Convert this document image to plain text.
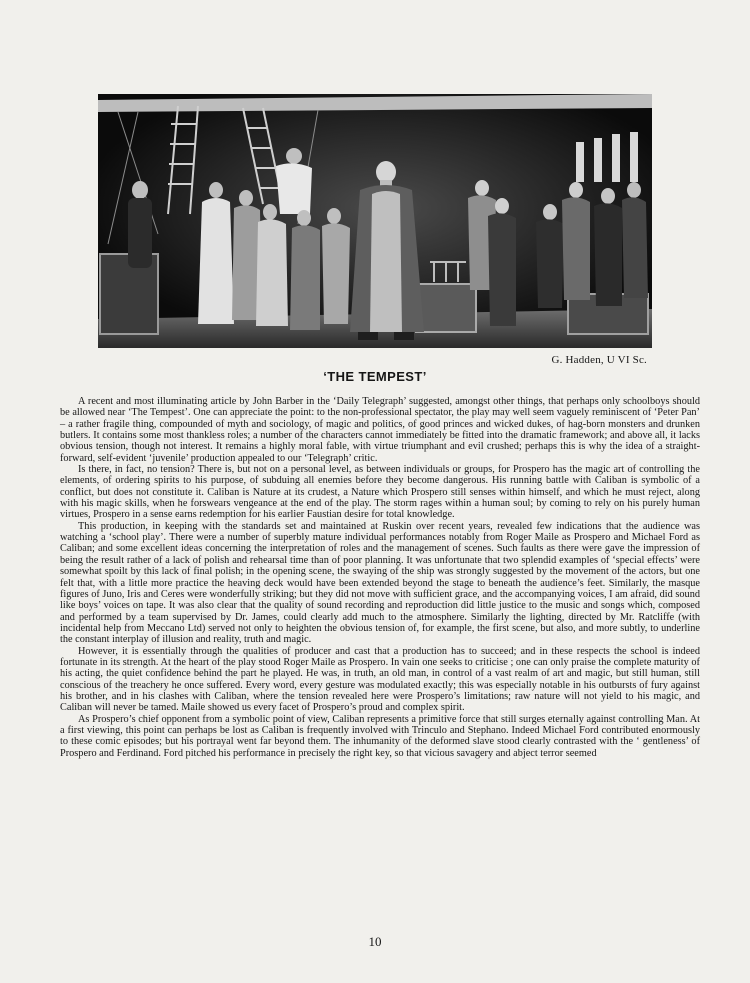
G. Hadden, U VI Sc.
‘THE TEMPEST’

A recent and most illuminating article by John Barber in the ‘Daily Telegraph’ suggested, amongst other things, that perhaps only schoolboys should be allowed near ‘The Tempest’. One can appreciate the point: to the non-professional spectator, the play may well seem vaguely reminiscent of ‘Peter Pan’ – a rather fragile thing, compounded of myth and sociology, of magic and politics, of good princes and wicked dukes, of hag-born monsters and drunken butlers. It contains some most thankless roles; a number of the characters cannot immediately be fitted into the dramatic framework; and above all, it lacks obvious tension, though not interest. It remains a highly moral fable, with virtue triumphant and evil crushed; perhaps this is why the idea of a straight-forward, self-evident ‘juvenile’ production appealed to our ‘Telegraph’ critic.

Is there, in fact, no tension? There is, but not on a personal level, as between individuals or groups, for Prospero has the magic art of controlling the elements, of ordering spirits to his purpose, of subduing all enemies before they become dangerous. His running battle with Caliban is symbolic of a conflict, but does not constitute it. Caliban is Nature at its crudest, a Nature which Prospero still senses within himself, and which he must reject, along with his magic skills, when he forswears vengeance at the end of the play. The storm rages within a human soul; by coming to rely on his purely human virtues, Prospero in a sense earns redemption for his earlier Faustian desire for total knowledge.

This production, in keeping with the standards set and maintained at Ruskin over recent years, revealed few indications that the audience was watching a ‘school play’. There were a number of superbly mature individual performances notably from Roger Maile as Prospero and Michael Ford as Caliban; and some excellent ideas concerning the interpretation of roles and the management of scenes. Such faults as there were gave the impression of being the result rather of a lack of polish and rehearsal time than of poor planning. It was unfortunate that two splendid examples of ‘special effects’ were somewhat spoilt by this lack of final polish; in the opening scene, the swaying of the ship was strongly suggested by the movement of the actors, but one felt that, with a little more practice the heaving deck would have been extended beyond the stage to beneath the audience’s feet. Similarly, the masque figures of Juno, Iris and Ceres were wonderfully striking; but they did not move with sufficient grace, and the accompanying voices, I am afraid, did sound like boys’ voices on tape. It was also clear that the quality of sound recording and reproduction did little justice to the music and songs which, composed and performed by a team supervised by Dr. James, could clearly add much to the atmosphere. Similarly the lighting, directed by Mr. Ratcliffe (with incidental help from Meccano Ltd) served not only to heighten the obvious tension of, for example, the first scene, but also, and more subtly, to underline the constant interplay of illusion and reality, truth and magic.

However, it is essentially through the qualities of producer and cast that a production has to succeed; and in these respects the school is indeed fortunate in its strength. At the heart of the play stood Roger Maile as Prospero. In vain one seeks to criticise ; one can only praise the complete maturity of his acting, the quiet confidence behind the part he played. He was, in truth, an old man, in control of a vast realm of art and magic, but still human, still conscious of the treachery he once suffered. Every word, every gesture was modulated exactly; this was especially notable in his outbursts of fury against his brother, and in his clashes with Caliban, where the tension revealed here were Prospero’s limitations; raw nature will not yield to his magic, and Caliban will never be tamed. Maile showed us every facet of Prospero’s proud and complex spirit.

As Prospero’s chief opponent from a symbolic point of view, Caliban represents a primitive force that still surges eternally against controlling Man. At a first viewing, this point can perhaps be lost as Caliban is frequently involved with Trinculo and Stephano. Indeed Michael Ford contributed enormously to these comic episodes; but his portrayal went far beyond them. The inhumanity of the deformed slave stood clearly contrasted with the ‘ gentleness’ of Prospero and Ferdinand. Ford pitched his performance in precisely the right key, so that vicious savagery and abject terror seemed

10
